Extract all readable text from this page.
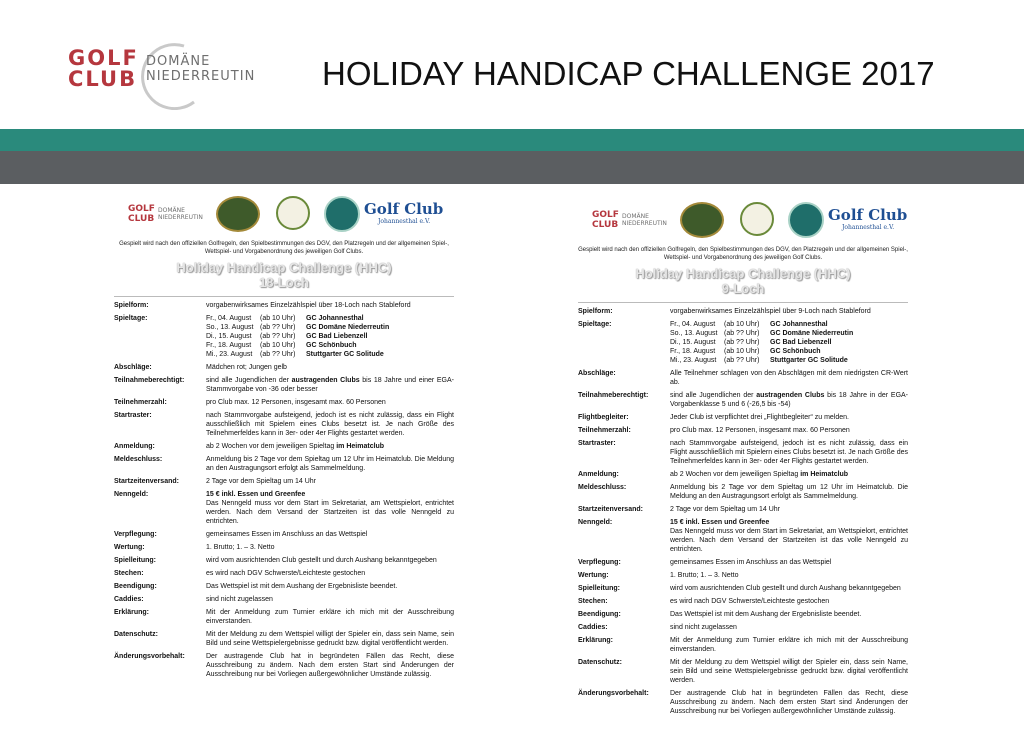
GOLF
CLUB
DOMÄNE
NIEDERREUTIN HOLIDAY HANDICAP CHALLENGE 2017
GOLF
CLUB
DOMÄNE
NIEDERREUTIN	Golf Club
Johannesthal e.V.
Gespielt wird nach den offiziellen Golfregeln, den Spielbestimmungen des DGV, den Platzregeln und der allgemeinen Spiel-, Wettspiel- und Vorgabenordnung des jeweiligen Golf Clubs.
Holiday Handicap Challenge (HHC)
18-Loch
Spielform:	vorgabenwirksames Einzelzählspiel über 18-Loch nach Stableford
Spieltage:	Fr., 04. August	(ab 10 Uhr)	GC Johannesthal
So., 13. August (ab ?? Uhr)	GC Domäne Niederreutin
Di., 15. August	(ab ?? Uhr)	GC Bad Liebenzell
Fr., 18. August	(ab 10 Uhr)	GC Schönbuch
Mi., 23. August	(ab ?? Uhr)	Stuttgarter GC Solitude
Abschläge:	Mädchen rot; Jungen gelb
Teilnahmeberechtigt:	sind alle Jugendlichen der austragenden Clubs bis 18 Jahre und einer EGA-Stammvorgabe von -36 oder besser
Teilnehmerzahl:	pro Club max. 12 Personen, insgesamt max. 60 Personen
Startraster:	nach Stammvorgabe aufsteigend, jedoch ist es nicht zulässig, dass ein Flight ausschließlich mit Spielern eines Clubs besetzt ist. Je nach Größe des Teilnehmerfeldes kann in 3er- oder 4er Flights gestartet werden.
Anmeldung:	ab 2 Wochen vor dem jeweiligen Spieltag im Heimatclub
Meldeschluss:	Anmeldung bis 2 Tage vor dem Spieltag um 12 Uhr im Heimatclub. Die Meldung an den Austragungsort erfolgt als Sammelmeldung.
Startzeitenversand:	2 Tage vor dem Spieltag um 14 Uhr
Nenngeld:	15 € inkl. Essen und Greenfee
Das Nenngeld muss vor dem Start im Sekretariat, am Wettspielort, entrichtet werden. Nach dem Versand der Startzeiten ist das volle Nenngeld zu entrichten.
Verpflegung:	gemeinsames Essen im Anschluss an das Wettspiel
Wertung:	1. Brutto; 1. – 3. Netto
Spielleitung:	wird vom ausrichtenden Club gestellt und durch Aushang bekanntgegeben
Stechen:	es wird nach DGV Schwerste/Leichteste gestochen
Beendigung:	Das Wettspiel ist mit dem Aushang der Ergebnisliste beendet.
Caddies:	sind nicht zugelassen
Erklärung:	Mit der Anmeldung zum Turnier erkläre ich mich mit der Ausschreibung einverstanden.
Datenschutz:	Mit der Meldung zu dem Wettspiel willigt der Spieler ein, dass sein Name, sein Bild und seine Wettspielergebnisse gedruckt bzw. digital veröffentlicht werden.
Änderungsvorbehalt:	Der austragende Club hat in begründeten Fällen das Recht, diese Ausschreibung zu ändern. Nach dem ersten Start sind Änderungen der Ausschreibung nur bei Vorliegen außergewöhnlicher Umstände zulässig.
GOLF
CLUB
DOMÄNE
NIEDERREUTIN	Golf Club
Johannesthal e.V.
Gespielt wird nach den offiziellen Golfregeln, den Spielbestimmungen des DGV, den Platzregeln und der allgemeinen Spiel-, Wettspiel- und Vorgabenordnung des jeweiligen Golf Clubs.
Holiday Handicap Challenge (HHC)
9-Loch
Spielform:	vorgabenwirksames Einzelzählspiel über 9-Loch nach Stableford
Spieltage:	Fr., 04. August	(ab 10 Uhr)	GC Johannesthal
So., 13. August (ab ?? Uhr)	GC Domäne Niederreutin
Di., 15. August	(ab ?? Uhr)	GC Bad Liebenzell
Fr., 18. August	(ab 10 Uhr)	GC Schönbuch
Mi., 23. August	(ab ?? Uhr)	Stuttgarter GC Solitude
Abschläge:	Alle Teilnehmer schlagen von den Abschlägen mit dem niedrigsten CR-Wert ab.
Teilnahmeberechtigt:	sind alle Jugendlichen der austragenden Clubs bis 18 Jahre in der EGA-Vorgabenklasse 5 und 6 (-26,5 bis -54)
Flightbegleiter:	Jeder Club ist verpflichtet drei „Flightbegleiter“ zu melden.
Teilnehmerzahl:	pro Club max. 12 Personen, insgesamt max. 60 Personen
Startraster:	nach Stammvorgabe aufsteigend, jedoch ist es nicht zulässig, dass ein Flight ausschließlich mit Spielern eines Clubs besetzt ist. Je nach Größe des Teilnehmerfeldes kann in 3er- oder 4er Flights gestartet werden.
Anmeldung:	ab 2 Wochen vor dem jeweiligen Spieltag im Heimatclub
Meldeschluss:	Anmeldung bis 2 Tage vor dem Spieltag um 12 Uhr im Heimatclub. Die Meldung an den Austragungsort erfolgt als Sammelmeldung.
Startzeitenversand:	2 Tage vor dem Spieltag um 14 Uhr
Nenngeld:	15 € inkl. Essen und Greenfee
Das Nenngeld muss vor dem Start im Sekretariat, am Wettspielort, entrichtet werden. Nach dem Versand der Startzeiten ist das volle Nenngeld zu entrichten.
Verpflegung:	gemeinsames Essen im Anschluss an das Wettspiel
Wertung:	1. Brutto; 1. – 3. Netto
Spielleitung:	wird vom ausrichtenden Club gestellt und durch Aushang bekanntgegeben
Stechen:	es wird nach DGV Schwerste/Leichteste gestochen
Beendigung:	Das Wettspiel ist mit dem Aushang der Ergebnisliste beendet.
Caddies:	sind nicht zugelassen
Erklärung:	Mit der Anmeldung zum Turnier erkläre ich mich mit der Ausschreibung einverstanden.
Datenschutz:	Mit der Meldung zu dem Wettspiel willigt der Spieler ein, dass sein Name, sein Bild und seine Wettspielergebnisse gedruckt bzw. digital veröffentlicht werden.
Änderungsvorbehalt:	Der austragende Club hat in begründeten Fällen das Recht, diese Ausschreibung zu ändern. Nach dem ersten Start sind Änderungen der Ausschreibung nur bei Vorliegen außergewöhnlicher Umstände zulässig.
